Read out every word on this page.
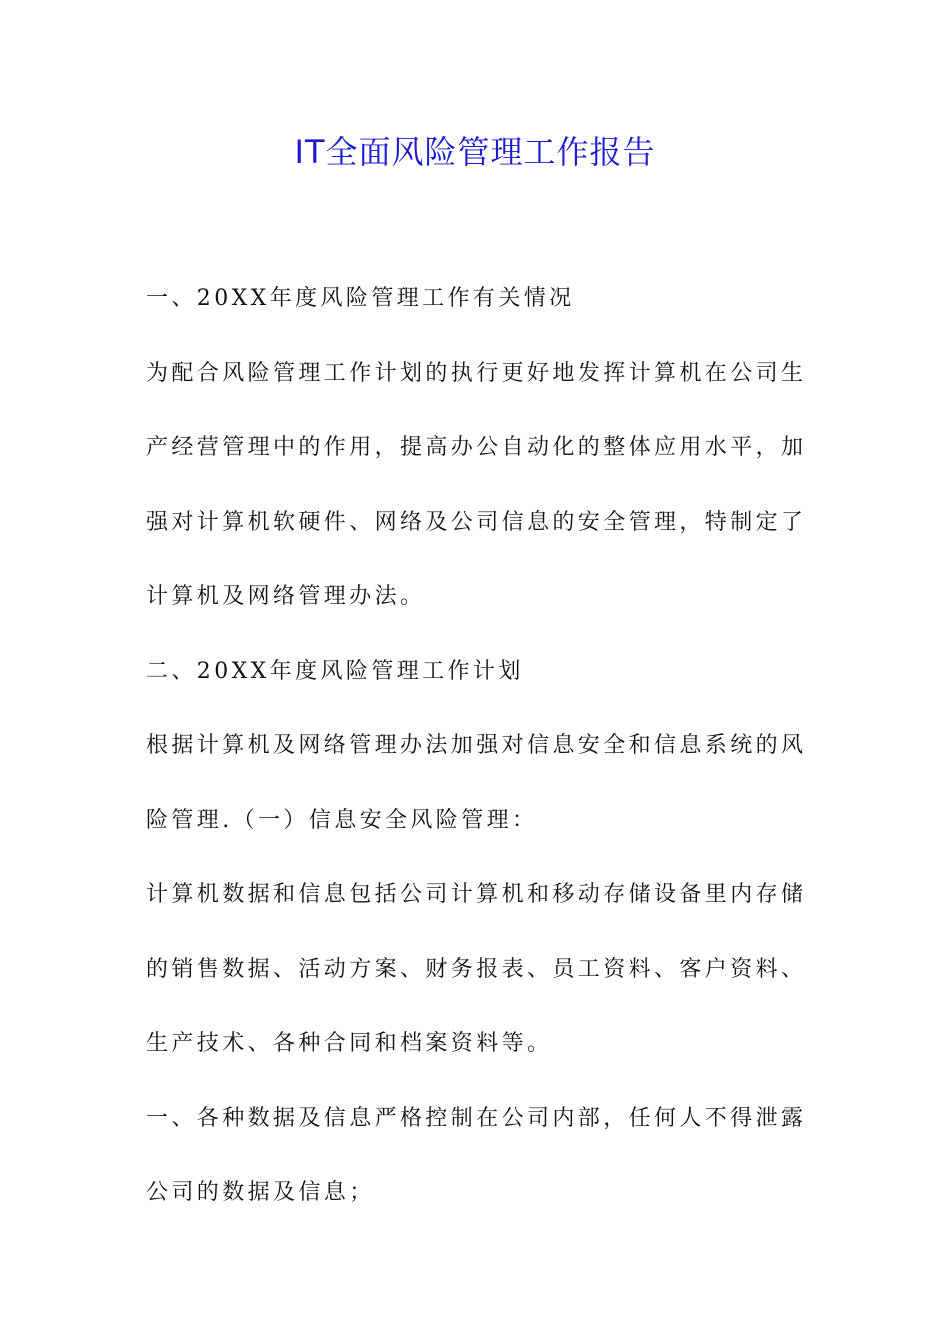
IT全面风险管理工作报告

一、20XX年度风险管理工作有关情况

为配合风险管理工作计划的执行更好地发挥计算机在公司生产经营管理中的作用，提高办公自动化的整体应用水平，加强对计算机软硬件、网络及公司信息的安全管理，特制定了计算机及网络管理办法。

二、20XX年度风险管理工作计划

根据计算机及网络管理办法加强对信息安全和信息系统的风险管理.（一）信息安全风险管理：

计算机数据和信息包括公司计算机和移动存储设备里内存储的销售数据、活动方案、财务报表、员工资料、客户资料、生产技术、各种合同和档案资料等。

一、各种数据及信息严格控制在公司内部，任何人不得泄露公司的数据及信息；
